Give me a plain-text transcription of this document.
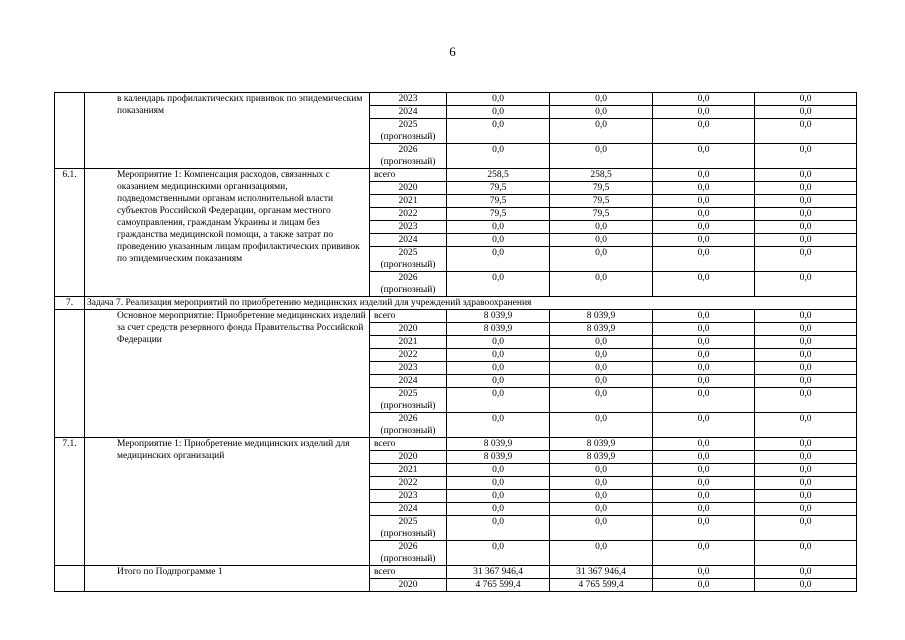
6
	в календарь профилактических прививок по эпидемическим показаниям	2023	0,0	0,0	0,0	0,0
		2024	0,0	0,0	0,0	0,0
		2025 (прогнозный)	0,0	0,0	0,0	0,0
		2026 (прогнозный)	0,0	0,0	0,0	0,0
6.1.	Мероприятие 1: Компенсация расходов, связанных с оказанием медицинскими организациями, подведомственными органам исполнительной власти субъектов Российской Федерации, органам местного самоуправления, гражданам Украины и лицам без гражданства медицинской помощи, а также затрат по проведению указанным лицам профилактических прививок по эпидемическим показаниям	всего	258,5	258,5	0,0	0,0
		2020	79,5	79,5	0,0	0,0
		2021	79,5	79,5	0,0	0,0
		2022	79,5	79,5	0,0	0,0
		2023	0,0	0,0	0,0	0,0
		2024	0,0	0,0	0,0	0,0
		2025 (прогнозный)	0,0	0,0	0,0	0,0
		2026 (прогнозный)	0,0	0,0	0,0	0,0
7.	Задача 7. Реализация мероприятий по приобретению медицинских изделий для учреждений здравоохранения					
	Основное мероприятие: Приобретение медицинских изделий за счет средств резервного фонда Правительства Российской Федерации	всего	8 039,9	8 039,9	0,0	0,0
		2020	8 039,9	8 039,9	0,0	0,0
		2021	0,0	0,0	0,0	0,0
		2022	0,0	0,0	0,0	0,0
		2023	0,0	0,0	0,0	0,0
		2024	0,0	0,0	0,0	0,0
		2025 (прогнозный)	0,0	0,0	0,0	0,0
		2026 (прогнозный)	0,0	0,0	0,0	0,0
7.1.	Мероприятие 1: Приобретение медицинских изделий для медицинских организаций	всего	8 039,9	8 039,9	0,0	0,0
		2020	8 039,9	8 039,9	0,0	0,0
		2021	0,0	0,0	0,0	0,0
		2022	0,0	0,0	0,0	0,0
		2023	0,0	0,0	0,0	0,0
		2024	0,0	0,0	0,0	0,0
		2025 (прогнозный)	0,0	0,0	0,0	0,0
		2026 (прогнозный)	0,0	0,0	0,0	0,0
	Итого по Подпрограмме 1	всего	31 367 946,4	31 367 946,4	0,0	0,0
		2020	4 765 599,4	4 765 599,4	0,0	0,0
